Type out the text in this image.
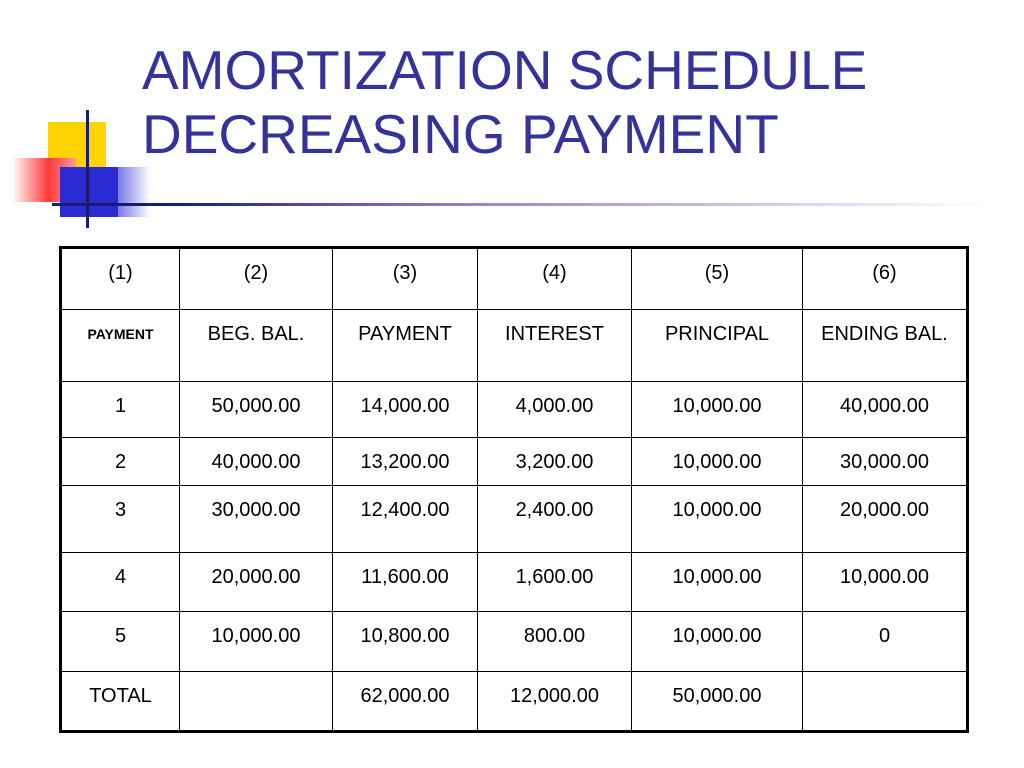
AMORTIZATION SCHEDULE
DECREASING PAYMENT
(1)	(2)	(3)	(4)	(5)	(6)
PAYMENT	BEG. BAL.	PAYMENT	INTEREST	PRINCIPAL	ENDING BAL.
1	50,000.00	14,000.00	4,000.00	10,000.00	40,000.00
2	40,000.00	13,200.00	3,200.00	10,000.00	30,000.00
3	30,000.00	12,400.00	2,400.00	10,000.00	20,000.00
4	20,000.00	11,600.00	1,600.00	10,000.00	10,000.00
5	10,000.00	10,800.00	800.00	10,000.00	0
TOTAL		62,000.00	12,000.00	50,000.00	
